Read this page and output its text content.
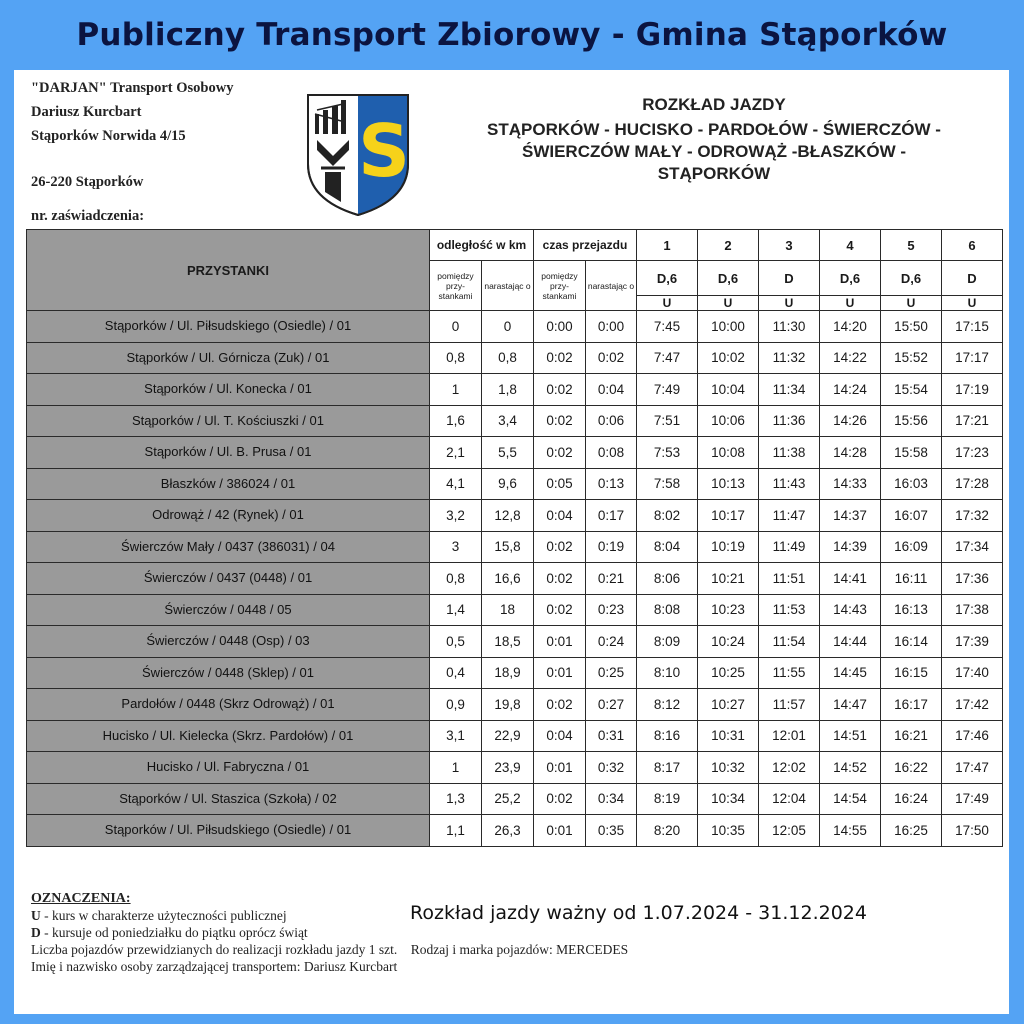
Publiczny Transport Zbiorowy - Gmina Stąporków
"DARJAN" Transport Osobowy
Dariusz Kurcbart
Stąporków Norwida 4/15
26-220 Stąporków
nr. zaświadczenia:
S
ROZKŁAD JAZDY
STĄPORKÓW - HUCISKO - PARDOŁÓW - ŚWIERCZÓW -
ŚWIERCZÓW MAŁY - ODROWĄŻ -BŁASZKÓW -
STĄPORKÓW
PRZYSTANKI	odległość w km		czas przejazdu		1	2	3	4	5	6
	pomiędzy przy-stankami	narastając o	pomiędzy przy-stankami	narastając o	D,6	D,6	D	D,6	D,6	D
					U	U	U	U	U	U
Stąporków / Ul. Piłsudskiego (Osiedle) / 01	0	0	0:00	0:00	7:45	10:00	11:30	14:20	15:50	17:15
Stąporków / Ul. Górnicza (Zuk) / 01	0,8	0,8	0:02	0:02	7:47	10:02	11:32	14:22	15:52	17:17
Stąporków / Ul. Konecka / 01	1	1,8	0:02	0:04	7:49	10:04	11:34	14:24	15:54	17:19
Stąporków / Ul. T. Kościuszki / 01	1,6	3,4	0:02	0:06	7:51	10:06	11:36	14:26	15:56	17:21
Stąporków / Ul. B. Prusa / 01	2,1	5,5	0:02	0:08	7:53	10:08	11:38	14:28	15:58	17:23
Błaszków / 386024 / 01	4,1	9,6	0:05	0:13	7:58	10:13	11:43	14:33	16:03	17:28
Odrowąż / 42 (Rynek) / 01	3,2	12,8	0:04	0:17	8:02	10:17	11:47	14:37	16:07	17:32
Świerczów Mały / 0437 (386031) / 04	3	15,8	0:02	0:19	8:04	10:19	11:49	14:39	16:09	17:34
Świerczów / 0437 (0448) / 01	0,8	16,6	0:02	0:21	8:06	10:21	11:51	14:41	16:11	17:36
Świerczów / 0448 / 05	1,4	18	0:02	0:23	8:08	10:23	11:53	14:43	16:13	17:38
Świerczów / 0448 (Osp) / 03	0,5	18,5	0:01	0:24	8:09	10:24	11:54	14:44	16:14	17:39
Świerczów / 0448 (Sklep) / 01	0,4	18,9	0:01	0:25	8:10	10:25	11:55	14:45	16:15	17:40
Pardołów / 0448 (Skrz Odrowąż) / 01	0,9	19,8	0:02	0:27	8:12	10:27	11:57	14:47	16:17	17:42
Hucisko / Ul. Kielecka (Skrz. Pardołów) / 01	3,1	22,9	0:04	0:31	8:16	10:31	12:01	14:51	16:21	17:46
Hucisko / Ul. Fabryczna / 01	1	23,9	0:01	0:32	8:17	10:32	12:02	14:52	16:22	17:47
Stąporków / Ul. Staszica (Szkoła) / 02	1,3	25,2	0:02	0:34	8:19	10:34	12:04	14:54	16:24	17:49
Stąporków / Ul. Piłsudskiego (Osiedle) / 01	1,1	26,3	0:01	0:35	8:20	10:35	12:05	14:55	16:25	17:50
OZNACZENIA:
U - kurs w charakterze użyteczności publicznej
D - kursuje od poniedziałku do piątku oprócz świąt
Liczba pojazdów przewidzianych do realizacji rozkładu jazdy 1 szt.    Rodzaj i marka pojazdów: MERCEDES
Imię i nazwisko osoby zarządzającej transportem: Dariusz Kurcbart
Rozkład jazdy ważny od 1.07.2024 - 31.12.2024
